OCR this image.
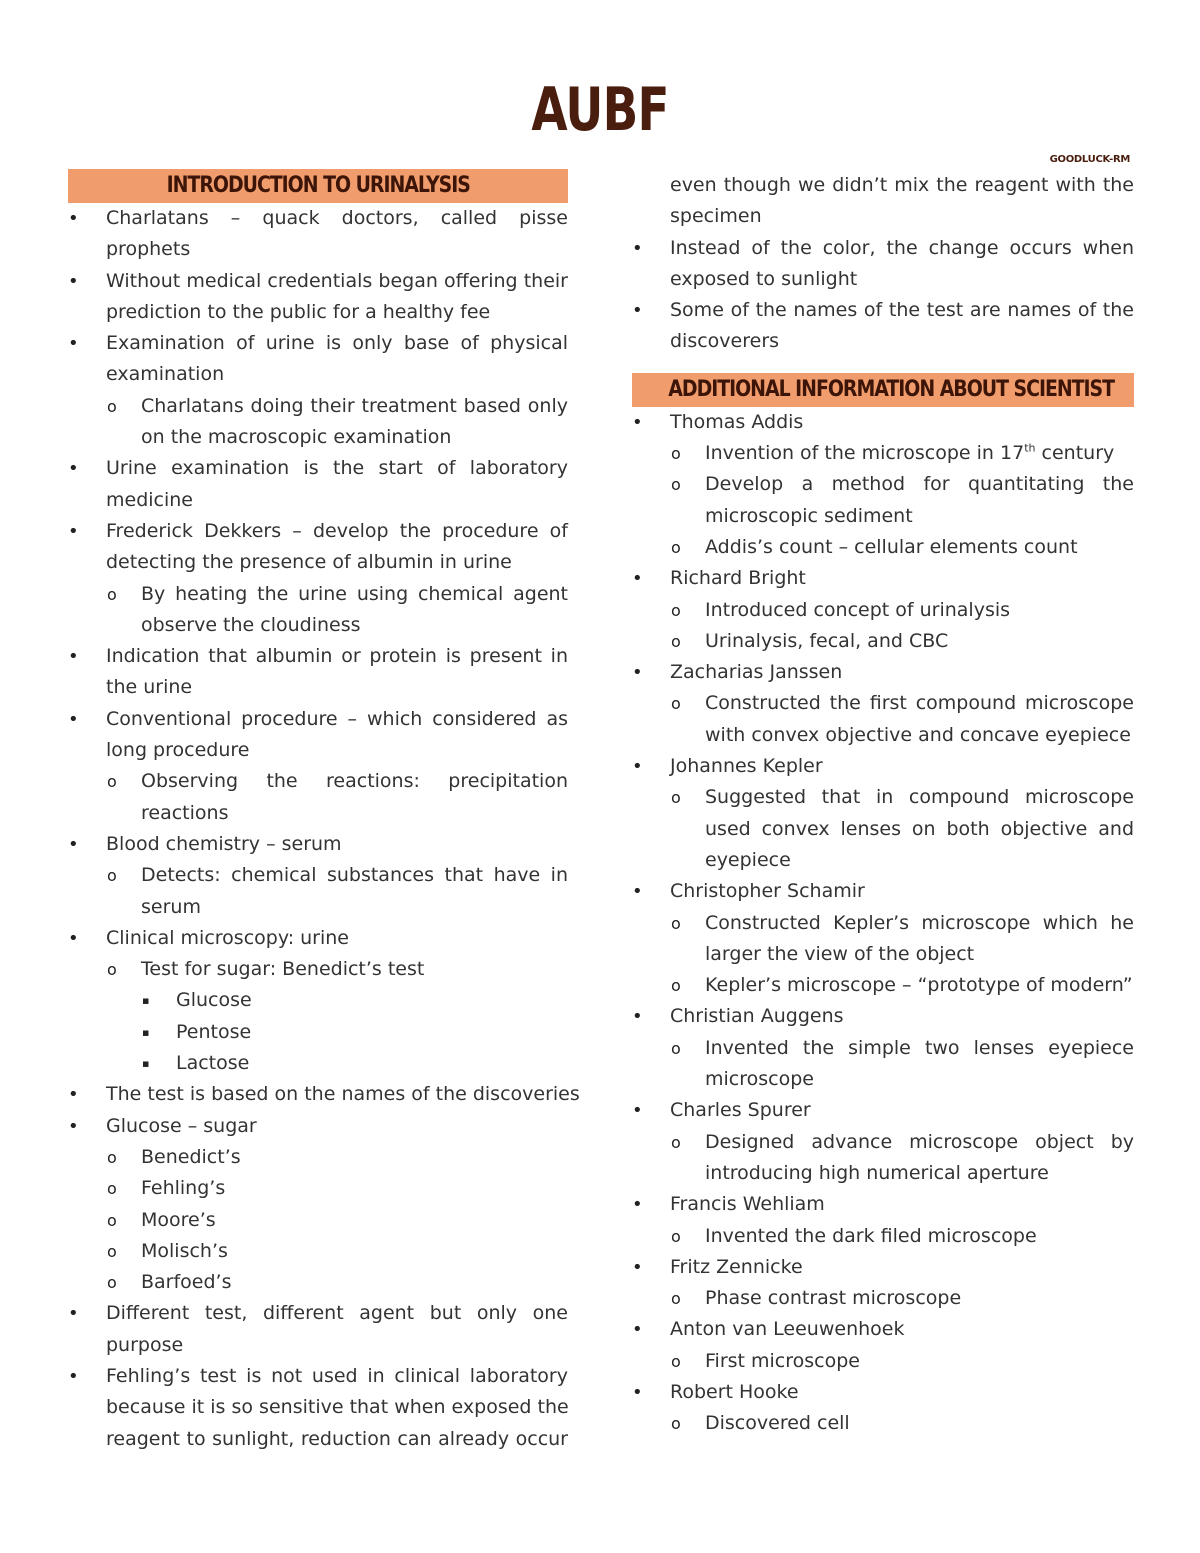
AUBF
GOODLUCK-RM
INTRODUCTION TO URINALYSIS
• Charlatans – quack doctors, called pisse
prophets
• Without medical credentials began offering their
prediction to the public for a healthy fee
• Examination of urine is only base of physical
examination
o Charlatans doing their treatment based only
on the macroscopic examination
• Urine examination is the start of laboratory
medicine
• Frederick Dekkers – develop the procedure of
detecting the presence of albumin in urine
o By heating the urine using chemical agent
observe the cloudiness
• Indication that albumin or protein is present in
the urine
• Conventional procedure – which considered as
long procedure
o Observing the reactions: precipitation
reactions
• Blood chemistry – serum
o Detects: chemical substances that have in
serum
• Clinical microscopy: urine
o Test for sugar: Benedict’s test
▪ Glucose
▪ Pentose
▪ Lactose
• The test is based on the names of the discoveries
• Glucose – sugar
o Benedict’s
o Fehling’s
o Moore’s
o Molisch’s
o Barfoed’s
• Different test, different agent but only one
purpose
• Fehling’s test is not used in clinical laboratory
because it is so sensitive that when exposed the
reagent to sunlight, reduction can already occur
even though we didn’t mix the reagent with the
specimen
• Instead of the color, the change occurs when
exposed to sunlight
• Some of the names of the test are names of the
discoverers
ADDITIONAL INFORMATION ABOUT SCIENTIST
• Thomas Addis
o Invention of the microscope in 17th century
o Develop a method for quantitating the
microscopic sediment
o Addis’s count – cellular elements count
• Richard Bright
o Introduced concept of urinalysis
o Urinalysis, fecal, and CBC
• Zacharias Janssen
o Constructed the first compound microscope
with convex objective and concave eyepiece
• Johannes Kepler
o Suggested that in compound microscope
used convex lenses on both objective and
eyepiece
• Christopher Schamir
o Constructed Kepler’s microscope which he
larger the view of the object
o Kepler’s microscope – “prototype of modern”
• Christian Auggens
o Invented the simple two lenses eyepiece
microscope
• Charles Spurer
o Designed advance microscope object by
introducing high numerical aperture
• Francis Wehliam
o Invented the dark filed microscope
• Fritz Zennicke
o Phase contrast microscope
• Anton van Leeuwenhoek
o First microscope
• Robert Hooke
o Discovered cell
